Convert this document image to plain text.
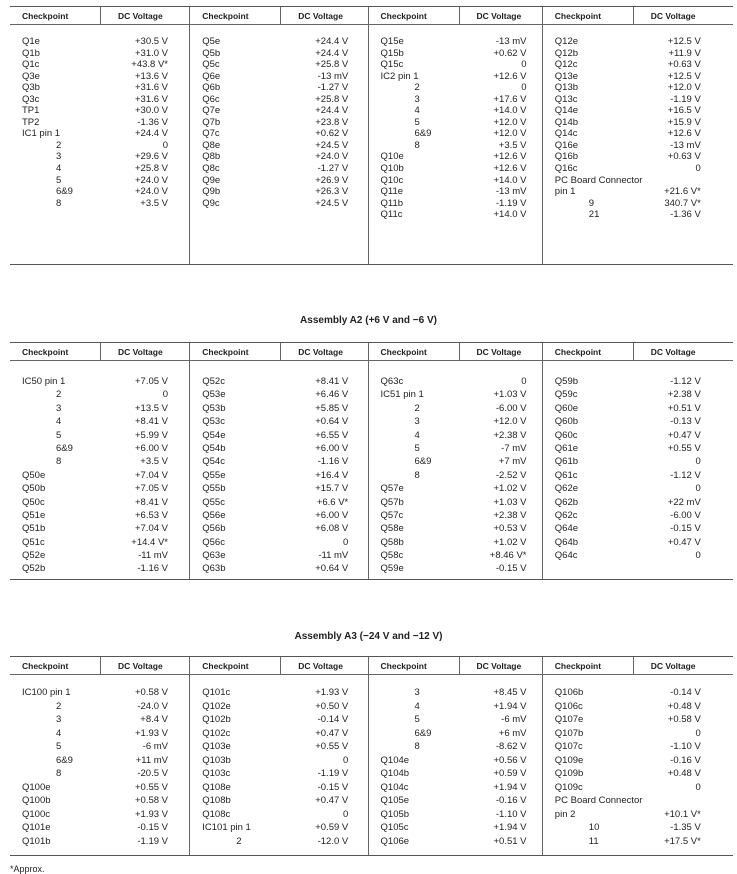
Checkpoint	DC Voltage
Q1e	+30.5 V
Q1b	+31.0 V
Q1c	+43.8 V*
Q3e	+13.6 V
Q3b	+31.6 V
Q3c	+31.6 V
TP1	+30.0 V
TP2	-1.36 V
IC1 pin 1	+24.4 V
2	0
3	+29.6 V
4	+25.8 V
5	+24.0 V
6&9	+24.0 V
8	+3.5 V
Checkpoint	DC Voltage
Q5e	+24.4 V
Q5b	+24.4 V
Q5c	+25.8 V
Q6e	-13 mV
Q6b	-1.27 V
Q6c	+25.8 V
Q7e	+24.4 V
Q7b	+23.8 V
Q7c	+0.62 V
Q8e	+24.5 V
Q8b	+24.0 V
Q8c	-1.27 V
Q9e	+26.9 V
Q9b	+26.3 V
Q9c	+24.5 V
Checkpoint	DC Voltage
Q15e	-13 mV
Q15b	+0.62 V
Q15c	0
IC2 pin 1	+12.6 V
2	0
3	+17.6 V
4	+14.0 V
5	+12.0 V
6&9	+12.0 V
8	+3.5 V
Q10e	+12.6 V
Q10b	+12.6 V
Q10c	+14.0 V
Q11e	-13 mV
Q11b	-1.19 V
Q11c	+14.0 V
Checkpoint	DC Voltage
Q12e	+12.5 V
Q12b	+11.9 V
Q12c	+0.63 V
Q13e	+12.5 V
Q13b	+12.0 V
Q13c	-1.19 V
Q14e	+16.5 V
Q14b	+15.9 V
Q14c	+12.6 V
Q16e	-13 mV
Q16b	+0.63 V
Q16c	0
PC Board Connector
pin 1	+21.6 V*
9	340.7 V*
21	-1.36 V
Assembly A2 (+6 V and −6 V)
Checkpoint	DC Voltage
IC50 pin 1	+7.05 V
2	0
3	+13.5 V
4	+8.41 V
5	+5.99 V
6&9	+6.00 V
8	+3.5 V
Q50e	+7.04 V
Q50b	+7.05 V
Q50c	+8.41 V
Q51e	+6.53 V
Q51b	+7.04 V
Q51c	+14.4 V*
Q52e	-11 mV
Q52b	-1.16 V
Checkpoint	DC Voltage
Q52c	+8.41 V
Q53e	+6.46 V
Q53b	+5.85 V
Q53c	+0.64 V
Q54e	+6.55 V
Q54b	+6.00 V
Q54c	-1.16 V
Q55e	+16.4 V
Q55b	+15.7 V
Q55c	+6.6 V*
Q56e	+6.00 V
Q56b	+6.08 V
Q56c	0
Q63e	-11 mV
Q63b	+0.64 V
Checkpoint	DC Voltage
Q63c	0
IC51 pin 1	+1.03 V
2	-6.00 V
3	+12.0 V
4	+2.38 V
5	-7 mV
6&9	+7 mV
8	-2.52 V
Q57e	+1.02 V
Q57b	+1.03 V
Q57c	+2.38 V
Q58e	+0.53 V
Q58b	+1.02 V
Q58c	+8.46 V*
Q59e	-0.15 V
Checkpoint	DC Voltage
Q59b	-1.12 V
Q59c	+2.38 V
Q60e	+0.51 V
Q60b	-0.13 V
Q60c	+0.47 V
Q61e	+0.55 V
Q61b	0
Q61c	-1.12 V
Q62e	0
Q62b	+22 mV
Q62c	-6.00 V
Q64e	-0.15 V
Q64b	+0.47 V
Q64c	0
Assembly A3 (−24 V and −12 V)
Checkpoint	DC Voltage
IC100 pin 1	+0.58 V
2	-24.0 V
3	+8.4 V
4	+1.93 V
5	-6 mV
6&9	+11 mV
8	-20.5 V
Q100e	+0.55 V
Q100b	+0.58 V
Q100c	+1.93 V
Q101e	-0.15 V
Q101b	-1.19 V
Checkpoint	DC Voltage
Q101c	+1.93 V
Q102e	+0.50 V
Q102b	-0.14 V
Q102c	+0.47 V
Q103e	+0.55 V
Q103b	0
Q103c	-1.19 V
Q108e	-0.15 V
Q108b	+0.47 V
Q108c	0
IC101 pin 1	+0.59 V
2	-12.0 V
Checkpoint	DC Voltage
3	+8.45 V
4	+1.94 V
5	-6 mV
6&9	+6 mV
8	-8.62 V
Q104e	+0.56 V
Q104b	+0.59 V
Q104c	+1.94 V
Q105e	-0.16 V
Q105b	-1.10 V
Q105c	+1.94 V
Q106e	+0.51 V
Checkpoint	DC Voltage
Q106b	-0.14 V
Q106c	+0.48 V
Q107e	+0.58 V
Q107b	0
Q107c	-1.10 V
Q109e	-0.16 V
Q109b	+0.48 V
Q109c	0
PC Board Connector
pin 2	+10.1 V*
10	-1.35 V
11	+17.5 V*
*Approx.
